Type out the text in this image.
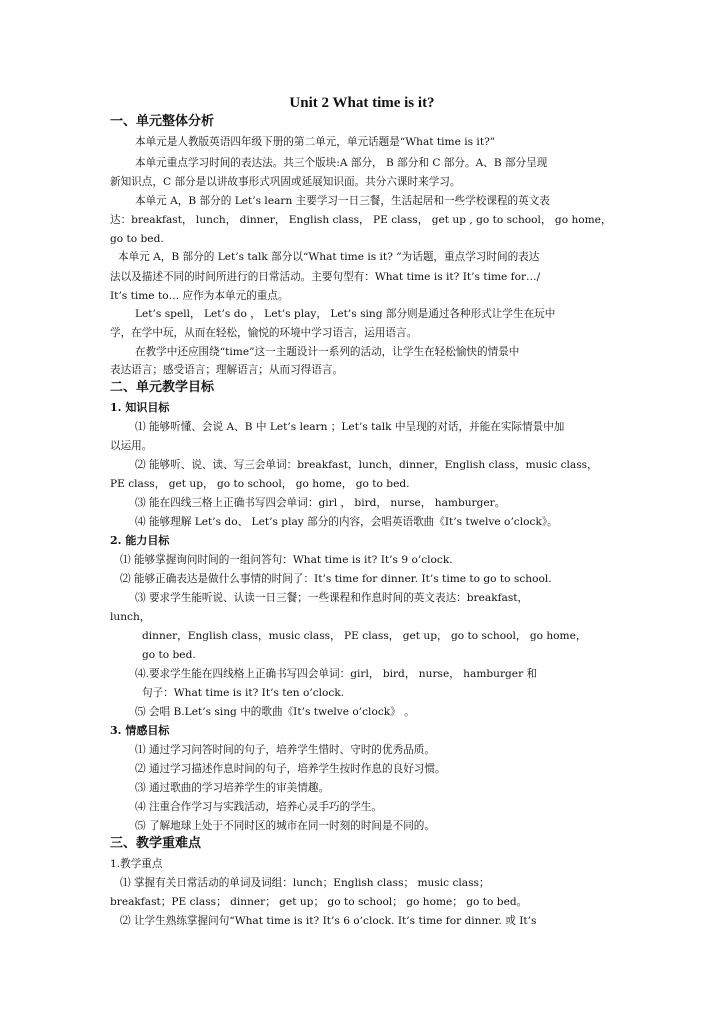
Unit 2 What time is it?
一、单元整体分析
本单元是人教版英语四年级下册的第二单元，单元话题是“What time is it?”
本单元重点学习时间的表达法。共三个版块:A 部分， B 部分和 C 部分。A、B 部分呈现
新知识点，C 部分是以讲故事形式巩固或延展知识面。共分六课时来学习。
本单元 A，B 部分的 Let’s learn 主要学习一日三餐，生活起居和一些学校课程的英文表
达：breakfast， lunch， dinner， English class， PE class， get up , go to school， go home，
go to bed.
本单元 A，B 部分的 Let’s talk 部分以“What time is it? ”为话题，重点学习时间的表达
法以及描述不同的时间所进行的日常活动。主要句型有：What time is it? It’s time for…/
It’s time to… 应作为本单元的重点。
Let’s spell， Let’s do ， Let’s play， Let’s sing 部分则是通过各种形式让学生在玩中
学，在学中玩，从而在轻松，愉悦的环境中学习语言，运用语言。
在教学中还应围绕“time”这一主题设计一系列的活动，让学生在轻松愉快的情景中
表达语言；感受语言；理解语言；从而习得语言。
二、单元教学目标
1. 知识目标
⑴ 能够听懂、会说 A、B 中 Let’s learn ；Let’s talk 中呈现的对话，并能在实际情景中加
以运用。
⑵ 能够听、说、读、写三会单词：breakfast，lunch，dinner，English class，music class，
PE class， get up， go to school， go home， go to bed.
⑶ 能在四线三格上正确书写四会单词：girl ， bird， nurse， hamburger。
⑷ 能够理解 Let’s do、 Let’s play 部分的内容，会唱英语歌曲《It’s twelve o’clock》。
2. 能力目标
⑴ 能够掌握询问时间的一组问答句：What time is it? It’s 9 o’clock.
⑵ 能够正确表达是做什么事情的时间了：It’s time for dinner. It’s time to go to school.
⑶ 要求学生能听说、认读一日三餐；一些课程和作息时间的英文表达：breakfast，
lunch，
dinner，English class，music class， PE class， get up， go to school， go home，
go to bed.
⑷.要求学生能在四线格上正确书写四会单词：girl， bird， nurse， hamburger 和
句子：What time is it? It’s ten o’clock.
⑸ 会唱 B.Let’s sing 中的歌曲《It’s twelve o’clock》 。
3. 情感目标
⑴ 通过学习问答时间的句子，培养学生惜时、守时的优秀品质。
⑵ 通过学习描述作息时间的句子，培养学生按时作息的良好习惯。
⑶ 通过歌曲的学习培养学生的审美情趣。
⑷ 注重合作学习与实践活动，培养心灵手巧的学生。
⑸ 了解地球上处于不同时区的城市在同一时刻的时间是不同的。
三、教学重难点
1.教学重点
⑴ 掌握有关日常活动的单词及词组：lunch；English class； music class；
breakfast；PE class； dinner； get up； go to school； go home； go to bed。
⑵ 让学生熟练掌握问句“What time is it? It’s 6 o’clock. It’s time for dinner. 或 It’s
